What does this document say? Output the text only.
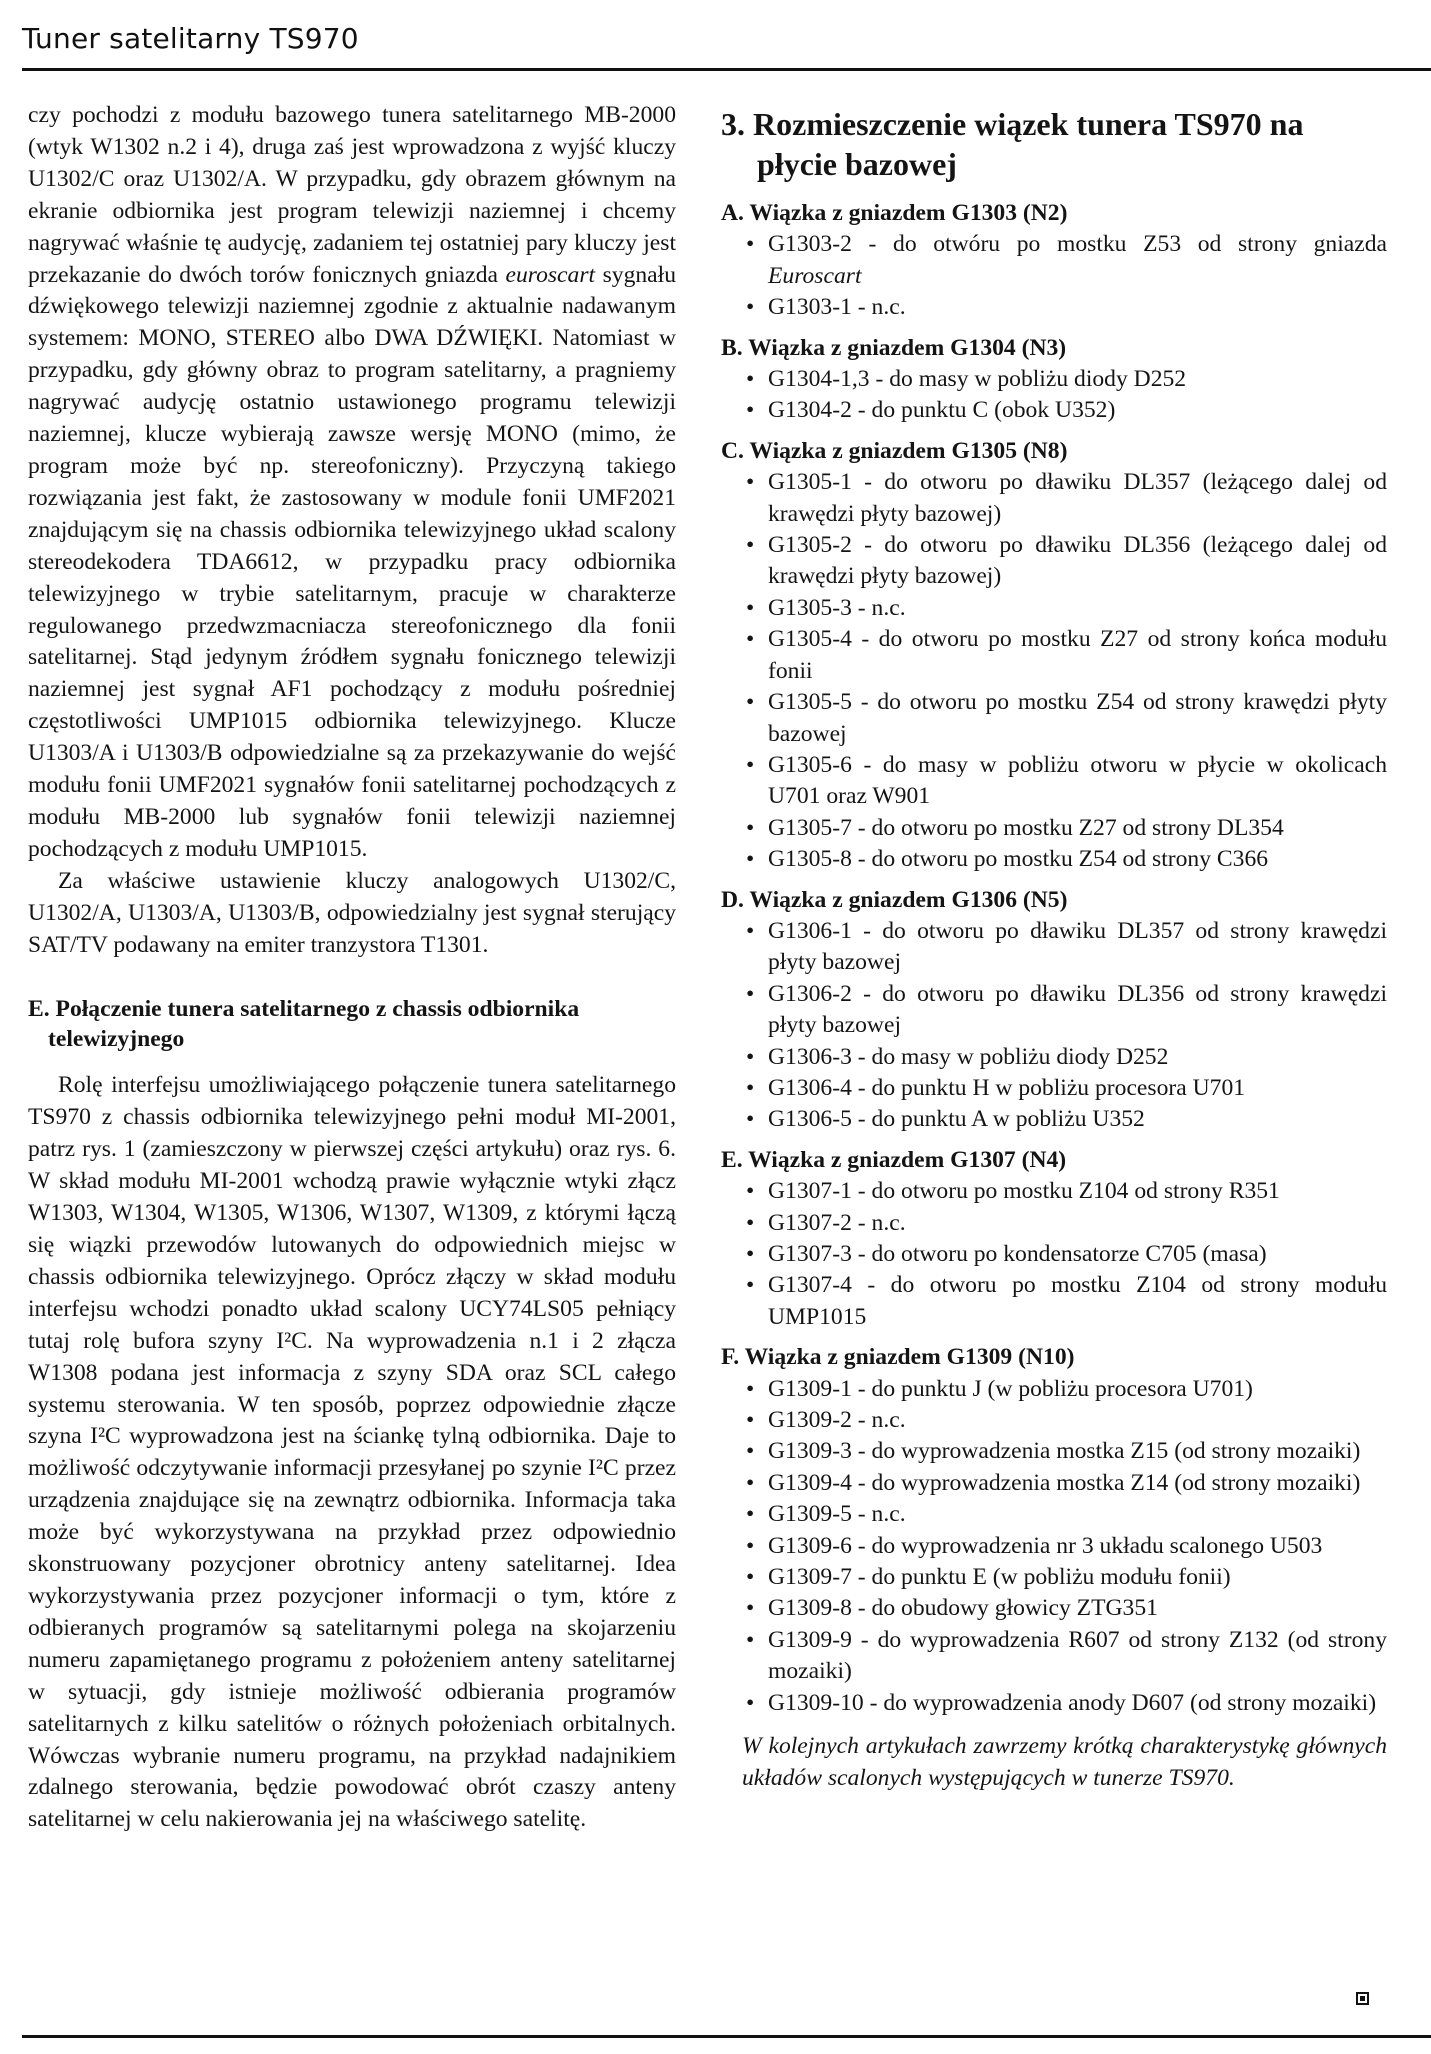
Tuner satelitarny TS970

czy pochodzi z modułu bazowego tunera satelitarnego MB-2000 (wtyk W1302 n.2 i 4), druga zaś jest wprowadzona z wyjść kluczy U1302/C oraz U1302/A. W przypadku, gdy obrazem głównym na ekranie odbiornika jest program telewizji naziemnej i chcemy nagrywać właśnie tę audycję, zadaniem tej ostatniej pary kluczy jest przekazanie do dwóch torów fonicznych gniazda euroscart sygnału dźwiękowego telewizji naziemnej zgodnie z aktualnie nadawanym systemem: MONO, STEREO albo DWA DŹWIĘKI. Natomiast w przypadku, gdy główny obraz to program satelitarny, a pragniemy nagrywać audycję ostatnio ustawionego programu telewizji naziemnej, klucze wybierają zawsze wersję MONO (mimo, że program może być np. stereofoniczny). Przyczyną takiego rozwiązania jest fakt, że zastosowany w module fonii UMF2021 znajdującym się na chassis odbiornika telewizyjnego układ scalony stereodekodera TDA6612, w przypadku pracy odbiornika telewizyjnego w trybie satelitarnym, pracuje w charakterze regulowanego przedwzmacniacza stereofonicznego dla fonii satelitarnej. Stąd jedynym źródłem sygnału fonicznego telewizji naziemnej jest sygnał AF1 pochodzący z modułu pośredniej częstotliwości UMP1015 odbiornika telewizyjnego. Klucze U1303/A i U1303/B odpowiedzialne są za przekazywanie do wejść modułu fonii UMF2021 sygnałów fonii satelitarnej pochodzących z modułu MB-2000 lub sygnałów fonii telewizji naziemnej pochodzących z modułu UMP1015.

Za właściwe ustawienie kluczy analogowych U1302/C, U1302/A, U1303/A, U1303/B, odpowiedzialny jest sygnał sterujący SAT/TV podawany na emiter tranzystora T1301.

E. Połączenie tunera satelitarnego z chassis odbiornika telewizyjnego

Rolę interfejsu umożliwiającego połączenie tunera satelitarnego TS970 z chassis odbiornika telewizyjnego pełni moduł MI-2001, patrz rys. 1 (zamieszczony w pierwszej części artykułu) oraz rys. 6. W skład modułu MI-2001 wchodzą prawie wyłącznie wtyki złącz W1303, W1304, W1305, W1306, W1307, W1309, z którymi łączą się wiązki przewodów lutowanych do odpowiednich miejsc w chassis odbiornika telewizyjnego. Oprócz złączy w skład modułu interfejsu wchodzi ponadto układ scalony UCY74LS05 pełniący tutaj rolę bufora szyny I²C. Na wyprowadzenia n.1 i 2 złącza W1308 podana jest informacja z szyny SDA oraz SCL całego systemu sterowania. W ten sposób, poprzez odpowiednie złącze szyna I²C wyprowadzona jest na ściankę tylną odbiornika. Daje to możliwość odczytywanie informacji przesyłanej po szynie I²C przez urządzenia znajdujące się na zewnątrz odbiornika. Informacja taka może być wykorzystywana na przykład przez odpowiednio skonstruowany pozycjoner obrotnicy anteny satelitarnej. Idea wykorzystywania przez pozycjoner informacji o tym, które z odbieranych programów są satelitarnymi polega na skojarzeniu numeru zapamiętanego programu z położeniem anteny satelitarnej w sytuacji, gdy istnieje możliwość odbierania programów satelitarnych z kilku satelitów o różnych położeniach orbitalnych. Wówczas wybranie numeru programu, na przykład nadajnikiem zdalnego sterowania, będzie powodować obrót czaszy anteny satelitarnej w celu nakierowania jej na właściwego satelitę.

3. Rozmieszczenie wiązek tunera TS970 na płycie bazowej
A. Wiązka z gniazdem G1303 (N2)
• G1303-2 - do otwóru po mostku Z53 od strony gniazda Euroscart
• G1303-1 - n.c.
B. Wiązka z gniazdem G1304 (N3)
• G1304-1,3 - do masy w pobliżu diody D252
• G1304-2 - do punktu C (obok U352)
C. Wiązka z gniazdem G1305 (N8)
• G1305-1 - do otworu po dławiku DL357 (leżącego dalej od krawędzi płyty bazowej)
• G1305-2 - do otworu po dławiku DL356 (leżącego dalej od krawędzi płyty bazowej)
• G1305-3 - n.c.
• G1305-4 - do otworu po mostku Z27 od strony końca modułu fonii
• G1305-5 - do otworu po mostku Z54 od strony krawędzi płyty bazowej
• G1305-6 - do masy w pobliżu otworu w płycie w okolicach U701 oraz W901
• G1305-7 - do otworu po mostku Z27 od strony DL354
• G1305-8 - do otworu po mostku Z54 od strony C366
D. Wiązka z gniazdem G1306 (N5)
• G1306-1 - do otworu po dławiku DL357 od strony krawędzi płyty bazowej
• G1306-2 - do otworu po dławiku DL356 od strony krawędzi płyty bazowej
• G1306-3 - do masy w pobliżu diody D252
• G1306-4 - do punktu H w pobliżu procesora U701
• G1306-5 - do punktu A w pobliżu U352
E. Wiązka z gniazdem G1307 (N4)
• G1307-1 - do otworu po mostku Z104 od strony R351
• G1307-2 - n.c.
• G1307-3 - do otworu po kondensatorze C705 (masa)
• G1307-4 - do otworu po mostku Z104 od strony modułu UMP1015
F. Wiązka z gniazdem G1309 (N10)
• G1309-1 - do punktu J (w pobliżu procesora U701)
• G1309-2 - n.c.
• G1309-3 - do wyprowadzenia mostka Z15 (od strony mozaiki)
• G1309-4 - do wyprowadzenia mostka Z14 (od strony mozaiki)
• G1309-5 - n.c.
• G1309-6 - do wyprowadzenia nr 3 układu scalonego U503
• G1309-7 - do punktu E (w pobliżu modułu fonii)
• G1309-8 - do obudowy głowicy ZTG351
• G1309-9 - do wyprowadzenia R607 od strony Z132 (od strony mozaiki)
• G1309-10 - do wyprowadzenia anody D607 (od strony mozaiki)
W kolejnych artykułach zawrzemy krótką charakterystykę głównych układów scalonych występujących w tunerze TS970.
